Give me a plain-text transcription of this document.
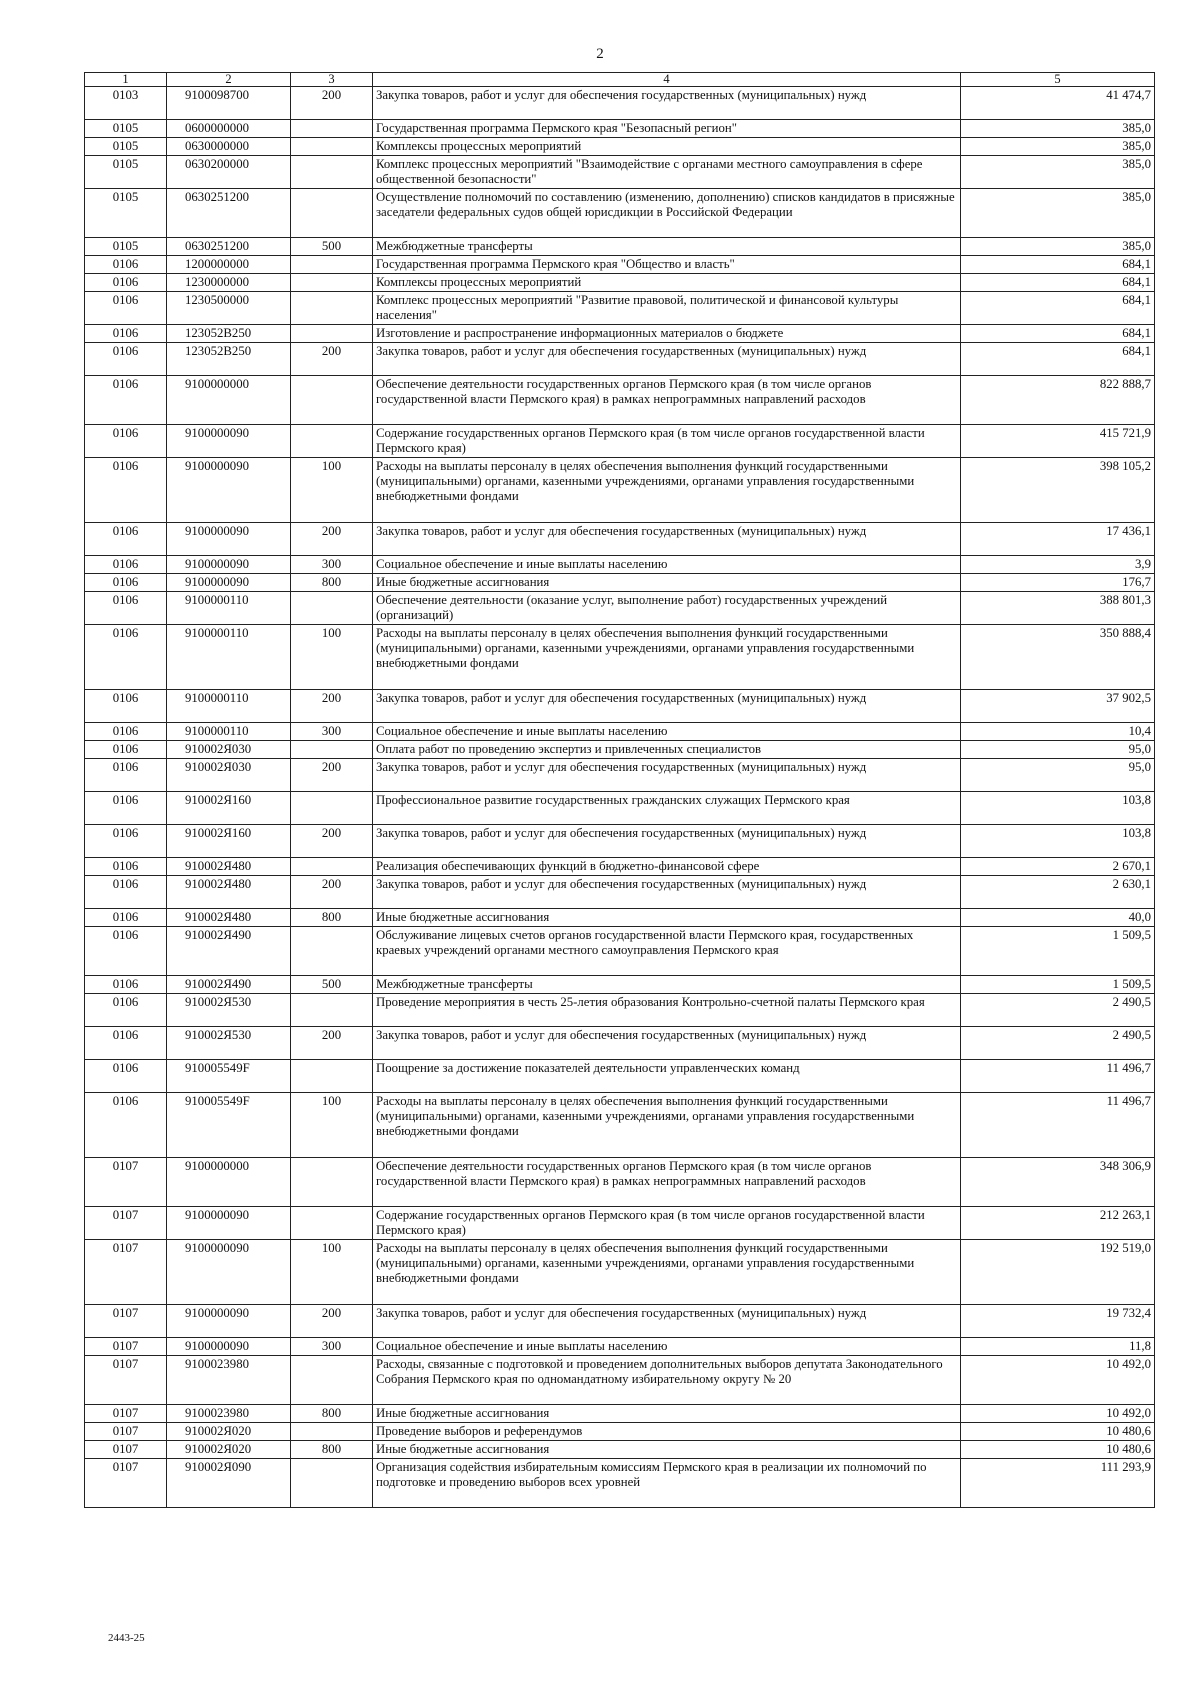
2
1	2	3	4	5
0103	9100098700	200	Закупка товаров, работ и услуг для обеспечения государственных (муниципальных) нужд	41 474,7
0105	0600000000		Государственная программа Пермского края "Безопасный регион"	385,0
0105	0630000000		Комплексы процессных мероприятий	385,0
0105	0630200000		Комплекс процессных мероприятий "Взаимодействие с органами местного самоуправления в сфере общественной безопасности"	385,0
0105	0630251200		Осуществление полномочий по составлению (изменению, дополнению) списков кандидатов в присяжные заседатели федеральных судов общей юрисдикции в Российской Федерации	385,0
0105	0630251200	500	Межбюджетные трансферты	385,0
0106	1200000000		Государственная программа Пермского края "Общество и власть"	684,1
0106	1230000000		Комплексы процессных мероприятий	684,1
0106	1230500000		Комплекс процессных мероприятий "Развитие правовой, политической и финансовой культуры населения"	684,1
0106	123052В250		Изготовление и распространение информационных материалов о бюджете	684,1
0106	123052В250	200	Закупка товаров, работ и услуг для обеспечения государственных (муниципальных) нужд	684,1
0106	9100000000		Обеспечение деятельности государственных органов Пермского края (в том числе органов государственной власти Пермского края) в рамках непрограммных направлений расходов	822 888,7
0106	9100000090		Содержание государственных органов Пермского края (в том числе органов государственной власти Пермского края)	415 721,9
0106	9100000090	100	Расходы на выплаты персоналу в целях обеспечения выполнения функций государственными (муниципальными) органами, казенными учреждениями, органами управления государственными внебюджетными фондами	398 105,2
0106	9100000090	200	Закупка товаров, работ и услуг для обеспечения государственных (муниципальных) нужд	17 436,1
0106	9100000090	300	Социальное обеспечение и иные выплаты населению	3,9
0106	9100000090	800	Иные бюджетные ассигнования	176,7
0106	9100000110		Обеспечение деятельности (оказание услуг, выполнение работ) государственных учреждений (организаций)	388 801,3
0106	9100000110	100	Расходы на выплаты персоналу в целях обеспечения выполнения функций государственными (муниципальными) органами, казенными учреждениями, органами управления государственными внебюджетными фондами	350 888,4
0106	9100000110	200	Закупка товаров, работ и услуг для обеспечения государственных (муниципальных) нужд	37 902,5
0106	9100000110	300	Социальное обеспечение и иные выплаты населению	10,4
0106	910002Я030		Оплата работ по проведению экспертиз и привлеченных специалистов	95,0
0106	910002Я030	200	Закупка товаров, работ и услуг для обеспечения государственных (муниципальных) нужд	95,0
0106	910002Я160		Профессиональное развитие государственных гражданских служащих Пермского края	103,8
0106	910002Я160	200	Закупка товаров, работ и услуг для обеспечения государственных (муниципальных) нужд	103,8
0106	910002Я480		Реализация обеспечивающих функций в бюджетно-финансовой сфере	2 670,1
0106	910002Я480	200	Закупка товаров, работ и услуг для обеспечения государственных (муниципальных) нужд	2 630,1
0106	910002Я480	800	Иные бюджетные ассигнования	40,0
0106	910002Я490		Обслуживание лицевых счетов органов государственной власти Пермского края, государственных краевых учреждений органами местного самоуправления Пермского края	1 509,5
0106	910002Я490	500	Межбюджетные трансферты	1 509,5
0106	910002Я530		Проведение мероприятия в честь 25-летия образования Контрольно-счетной палаты Пермского края	2 490,5
0106	910002Я530	200	Закупка товаров, работ и услуг для обеспечения государственных (муниципальных) нужд	2 490,5
0106	910005549F		Поощрение за достижение показателей деятельности управленческих команд	11 496,7
0106	910005549F	100	Расходы на выплаты персоналу в целях обеспечения выполнения функций государственными (муниципальными) органами, казенными учреждениями, органами управления государственными внебюджетными фондами	11 496,7
0107	9100000000		Обеспечение деятельности государственных органов Пермского края (в том числе органов государственной власти Пермского края) в рамках непрограммных направлений расходов	348 306,9
0107	9100000090		Содержание государственных органов Пермского края (в том числе органов государственной власти Пермского края)	212 263,1
0107	9100000090	100	Расходы на выплаты персоналу в целях обеспечения выполнения функций государственными (муниципальными) органами, казенными учреждениями, органами управления государственными внебюджетными фондами	192 519,0
0107	9100000090	200	Закупка товаров, работ и услуг для обеспечения государственных (муниципальных) нужд	19 732,4
0107	9100000090	300	Социальное обеспечение и иные выплаты населению	11,8
0107	9100023980		Расходы, связанные с подготовкой и проведением дополнительных выборов депутата Законодательного Собрания Пермского края по одномандатному избирательному округу № 20	10 492,0
0107	9100023980	800	Иные бюджетные ассигнования	10 492,0
0107	910002Я020		Проведение выборов и референдумов	10 480,6
0107	910002Я020	800	Иные бюджетные ассигнования	10 480,6
0107	910002Я090		Организация содействия избирательным комиссиям Пермского края в реализации их полномочий по подготовке и проведению выборов всех уровней	111 293,9
2443-25
